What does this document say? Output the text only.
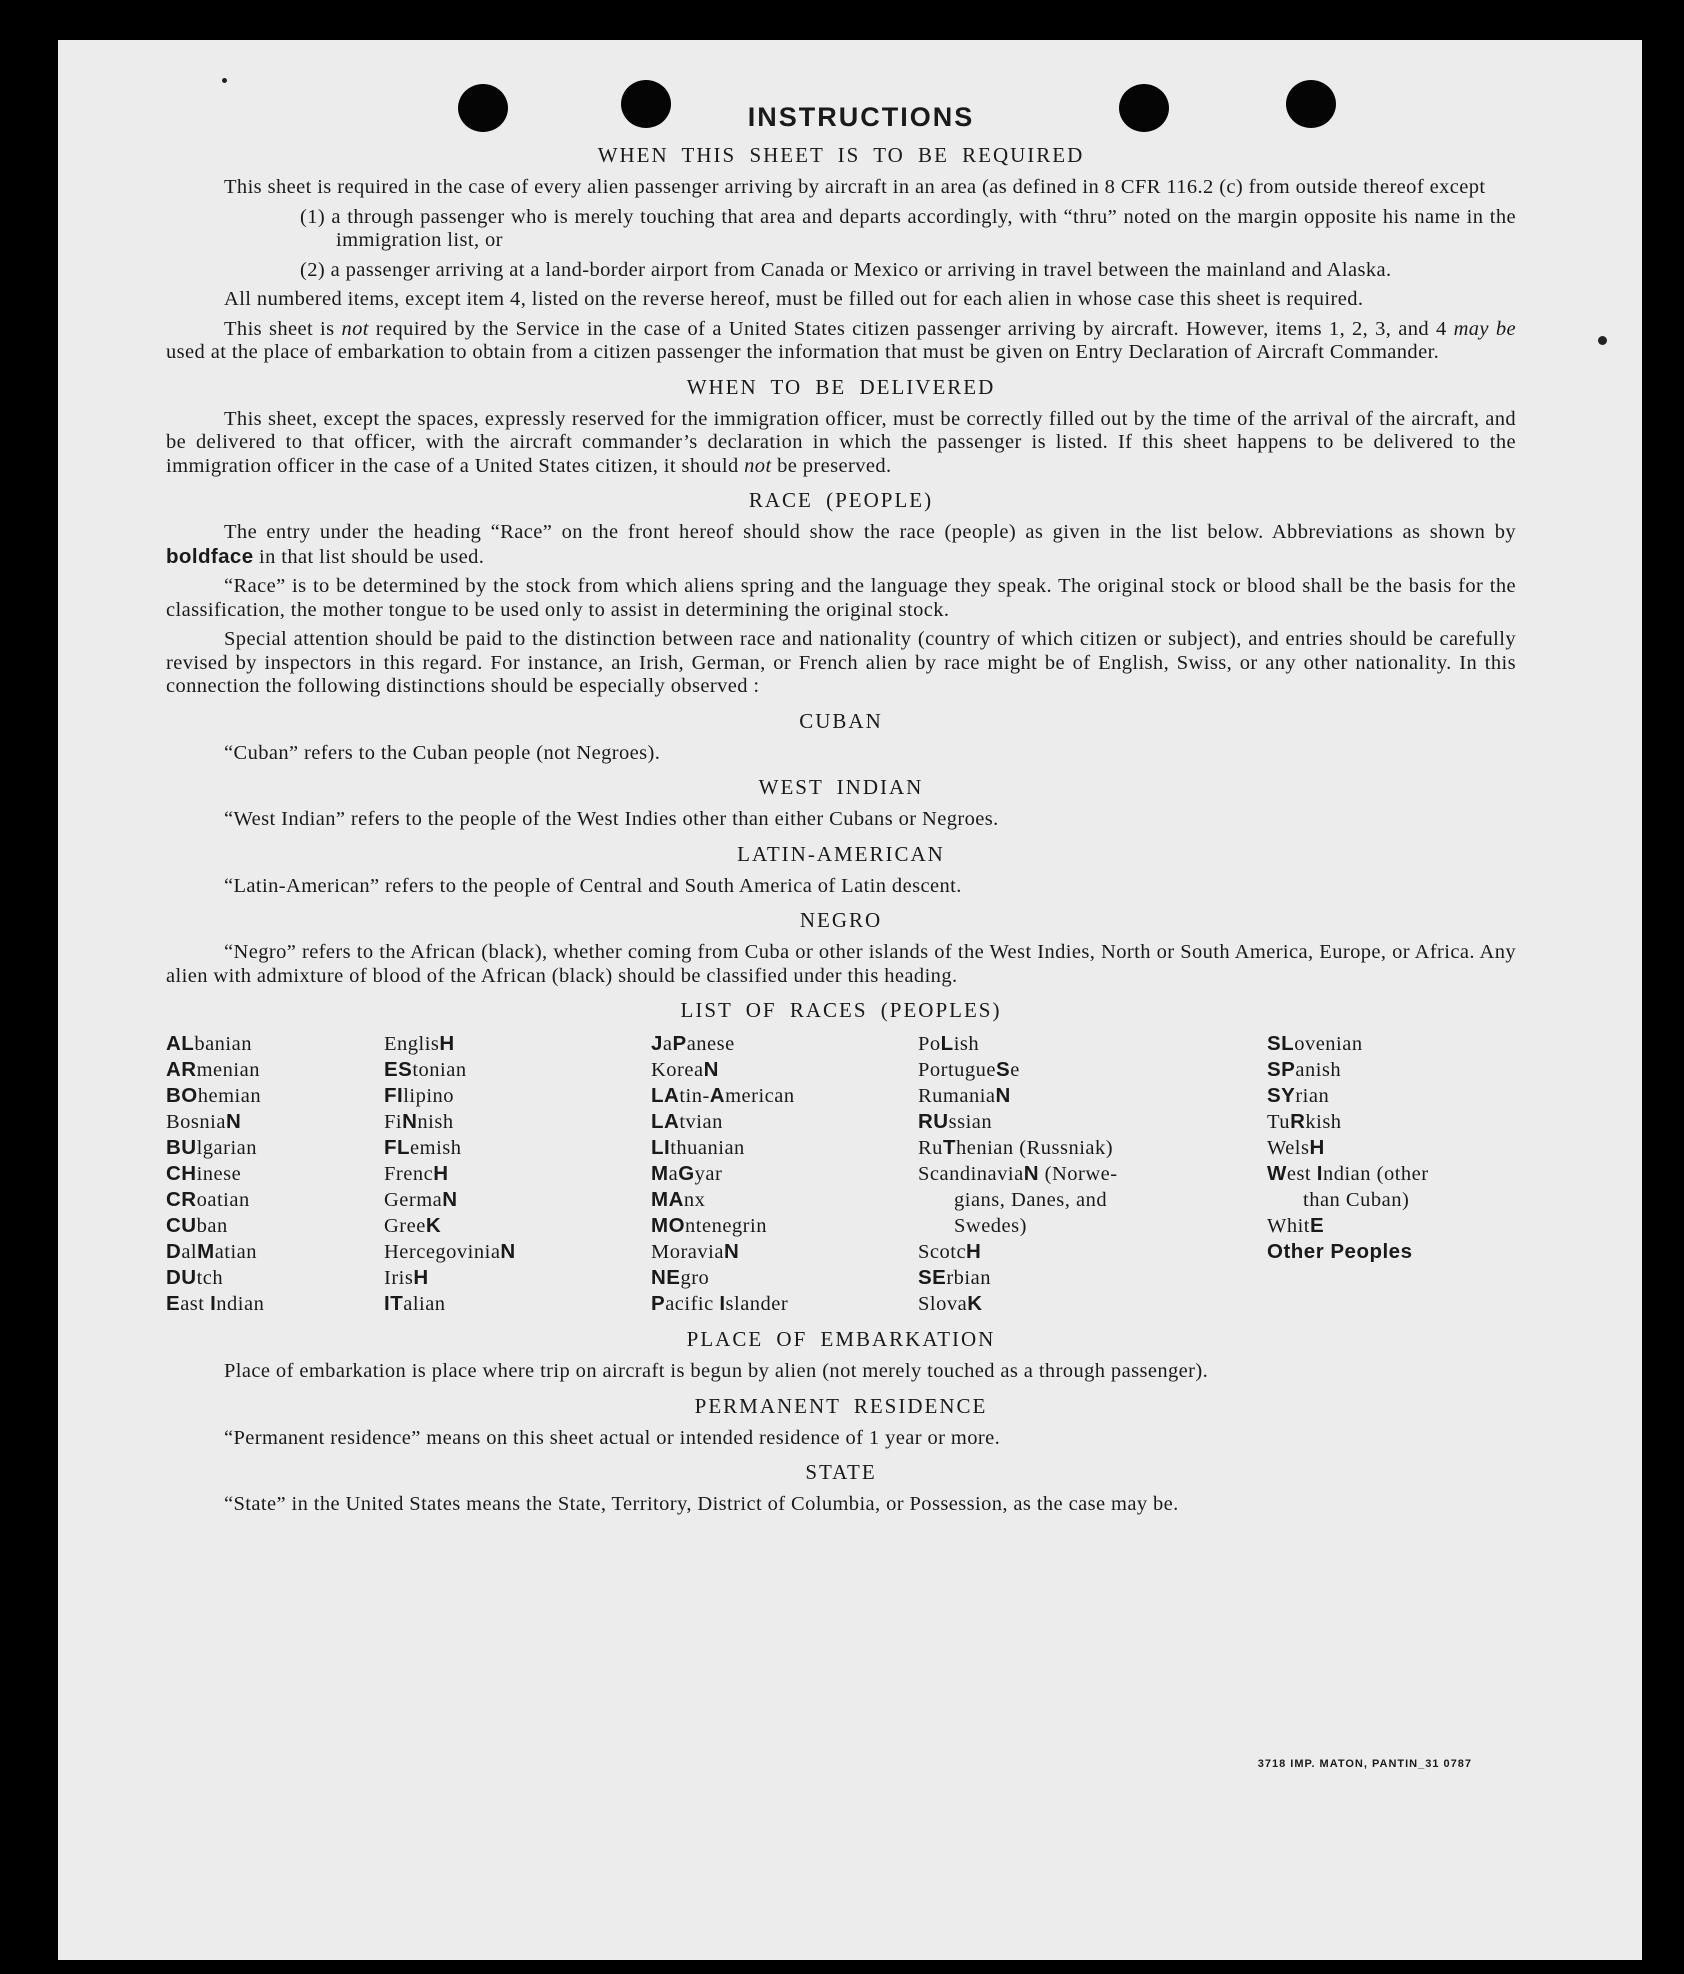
INSTRUCTIONS
WHEN THIS SHEET IS TO BE REQUIRED

This sheet is required in the case of every alien passenger arriving by aircraft in an area (as defined in 8 CFR 116.2 (c) from outside thereof except

(1) a through passenger who is merely touching that area and departs accordingly, with “thru” noted on the margin opposite his name in the immigration list, or
(2) a passenger arriving at a land-border airport from Canada or Mexico or arriving in travel between the mainland and Alaska.

All numbered items, except item 4, listed on the reverse hereof, must be filled out for each alien in whose case this sheet is required.

This sheet is not required by the Service in the case of a United States citizen passenger arriving by aircraft. However, items 1, 2, 3, and 4 may be used at the place of embarkation to obtain from a citizen passenger the information that must be given on Entry Declaration of Aircraft Commander.

WHEN TO BE DELIVERED

This sheet, except the spaces, expressly reserved for the immigration officer, must be correctly filled out by the time of the arrival of the aircraft, and be delivered to that officer, with the aircraft commander’s declaration in which the passenger is listed. If this sheet happens to be delivered to the immigration officer in the case of a United States citizen, it should not be preserved.

RACE (PEOPLE)

The entry under the heading “Race” on the front hereof should show the race (people) as given in the list below. Abbreviations as shown by boldface in that list should be used.

“Race” is to be determined by the stock from which aliens spring and the language they speak. The original stock or blood shall be the basis for the classification, the mother tongue to be used only to assist in determining the original stock.

Special attention should be paid to the distinction between race and nationality (country of which citizen or subject), and entries should be carefully revised by inspectors in this regard. For instance, an Irish, German, or French alien by race might be of English, Swiss, or any other nationality. In this connection the following distinctions should be especially observed :

CUBAN

“Cuban” refers to the Cuban people (not Negroes).

WEST INDIAN

“West Indian” refers to the people of the West Indies other than either Cubans or Negroes.

LATIN-AMERICAN

“Latin-American” refers to the people of Central and South America of Latin descent.

NEGRO

“Negro” refers to the African (black), whether coming from Cuba or other islands of the West Indies, North or South America, Europe, or Africa. Any alien with admixture of blood of the African (black) should be classified under this heading.

LIST OF RACES (PEOPLES)
ALbanian
ARmenian
BOhemian
BosniaN
BUlgarian
CHinese
CRoatian
CUban
DalMatian
DUtch
East Indian
EnglisH
EStonian
FIlipino
FiNnish
FLemish
FrencH
GermaN
GreeK
HercegoviniaN
IrisH
ITalian
JaPanese
KoreaN
LAtin-American
LAtvian
LIthuanian
MaGyar
MAnx
MOntenegrin
MoraviaN
NEgro
Pacific Islander
PoLish
PortugueSe
RumaniaN
RUssian
RuThenian (Russniak)
ScandinaviaN (Norwe-
gians, Danes, and
Swedes)
ScotcH
SErbian
SlovaK
SLovenian
SPanish
SYrian
TuRkish
WelsH
West Indian (other
than Cuban)
WhitE
Other Peoples
PLACE OF EMBARKATION

Place of embarkation is place where trip on aircraft is begun by alien (not merely touched as a through passenger).

PERMANENT RESIDENCE

“Permanent residence” means on this sheet actual or intended residence of 1 year or more.

STATE

“State” in the United States means the State, Territory, District of Columbia, or Possession, as the case may be.

3718 IMP. MATON, PANTIN_31 0787
